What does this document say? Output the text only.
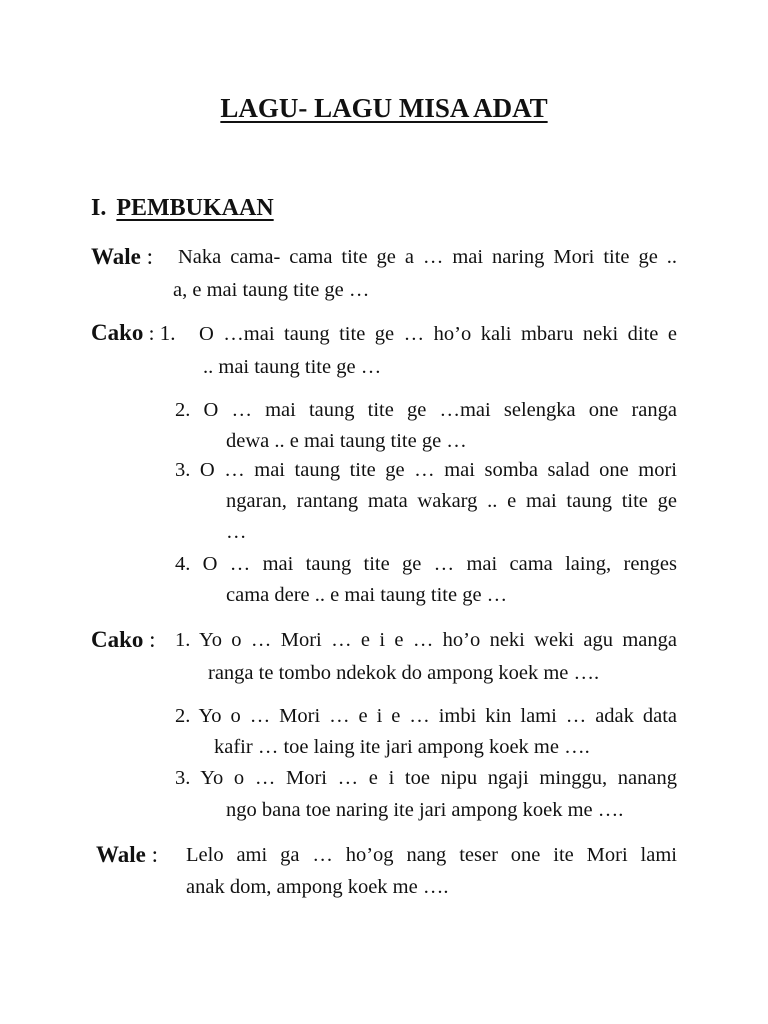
LAGU- LAGU MISA ADAT
I. PEMBUKAAN
Wale : Naka cama- cama tite ge a … mai naring Mori tite ge ..
a, e mai taung tite ge …
Cako : 1. O …mai taung tite ge … ho’o kali mbaru neki dite e
.. mai taung tite ge …
2. O … mai taung tite ge …mai selengka one ranga
dewa .. e mai taung tite ge …
3. O … mai taung tite ge … mai somba salad one mori
ngaran, rantang mata wakarg .. e mai taung tite ge
…
4. O … mai taung tite ge … mai cama laing, renges
cama dere .. e mai taung tite ge …
Cako : 1. Yo o … Mori … e i e … ho’o neki weki agu manga
ranga te tombo ndekok do ampong koek me ….
2. Yo o … Mori … e i e … imbi kin lami … adak data
kafir … toe laing ite jari ampong koek me ….
3. Yo o … Mori … e i toe nipu ngaji minggu, nanang
ngo bana toe naring ite jari ampong koek me ….
Wale : Lelo ami ga … ho’og nang teser one ite Mori lami
anak dom, ampong koek me ….
